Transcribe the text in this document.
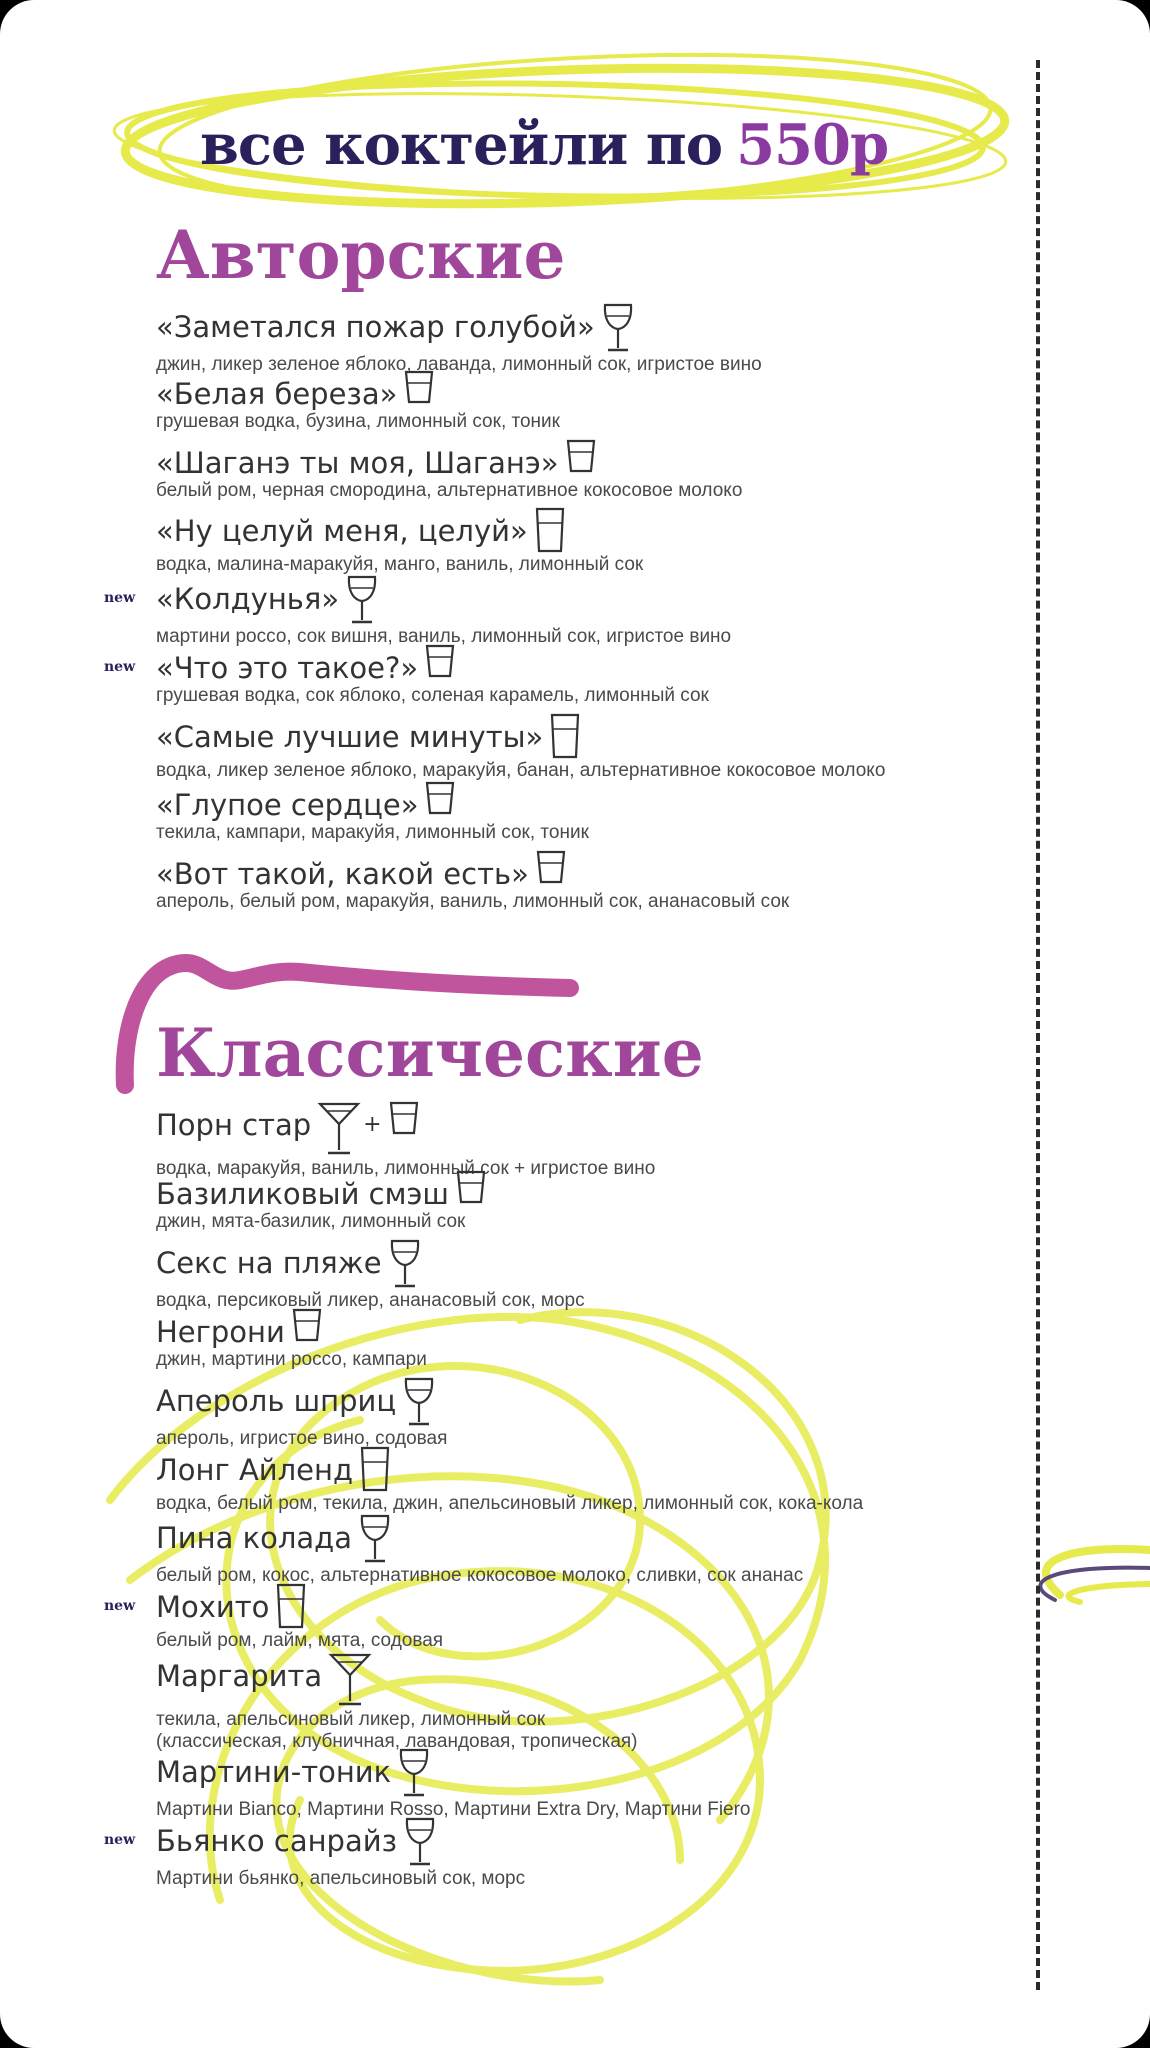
все коктейли по 550р
Авторские
«Заметался пожар голубой»
джин, ликер зеленое яблоко, лаванда, лимонный сок, игристое вино
«Белая береза»
грушевая водка, бузина, лимонный сок, тоник
«Шаганэ ты моя, Шаганэ»
белый ром, черная смородина, альтернативное кокосовое молоко
«Ну целуй меня, целуй»
водка, малина-маракуйя, манго, ваниль, лимонный сок
new «Колдунья»
мартини россо, сок вишня, ваниль, лимонный сок, игристое вино
new «Что это такое?»
грушевая водка, сок яблоко, соленая карамель, лимонный сок
«Самые лучшие минуты»
водка, ликер зеленое яблоко, маракуйя, банан, альтернативное кокосовое молоко
«Глупое сердце»
текила, кампари, маракуйя, лимонный сок, тоник
«Вот такой, какой есть»
апероль, белый ром, маракуйя, ваниль, лимонный сок, ананасовый сок
Классические
Порн стар +
водка, маракуйя, ваниль, лимонный сок + игристое вино
Базиликовый смэш
джин, мята-базилик, лимонный сок
Секс на пляже
водка, персиковый ликер, ананасовый сок, морс
Негрони
джин, мартини россо, кампари
Апероль шприц
апероль, игристое вино, содовая
Лонг Айленд
водка, белый ром, текила, джин, апельсиновый ликер, лимонный сок, кока-кола
Пина колада
белый ром, кокос, альтернативное кокосовое молоко, сливки, сок ананас
new Мохито
белый ром, лайм, мята, содовая
Маргарита
текила, апельсиновый ликер, лимонный сок
(классическая, клубничная, лавандовая, тропическая)
Мартини-тоник
Мартини Bianco, Мартини Rosso, Мартини Extra Dry, Мартини Fiero
new Бьянко санрайз
Мартини бьянко, апельсиновый сок, морс
